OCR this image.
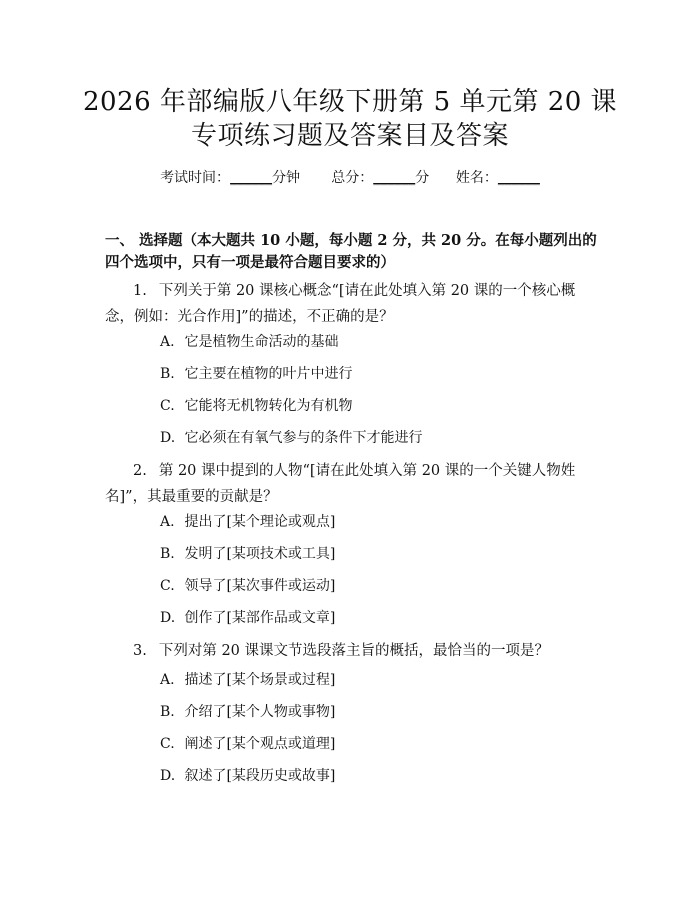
2026 年部编版八年级下册第 5 单元第 20 课
专项练习题及答案目及答案
考试时间：______分钟 总分：______分 姓名：______
一、 选择题（本大题共 10 小题，每小题 2 分，共 20 分。在每小题列出的四个选项中，只有一项是最符合题目要求的）
1. 下列关于第 20 课核心概念“[请在此处填入第 20 课的一个核心概念，例如：光合作用]”的描述，不正确的是？
A. 它是植物生命活动的基础
B. 它主要在植物的叶片中进行
C. 它能将无机物转化为有机物
D. 它必须在有氧气参与的条件下才能进行
2. 第 20 课中提到的人物“[请在此处填入第 20 课的一个关键人物姓名]”，其最重要的贡献是？
A. 提出了[某个理论或观点]
B. 发明了[某项技术或工具]
C. 领导了[某次事件或运动]
D. 创作了[某部作品或文章]
3. 下列对第 20 课课文节选段落主旨的概括，最恰当的一项是？
A. 描述了[某个场景或过程]
B. 介绍了[某个人物或事物]
C. 阐述了[某个观点或道理]
D. 叙述了[某段历史或故事]
